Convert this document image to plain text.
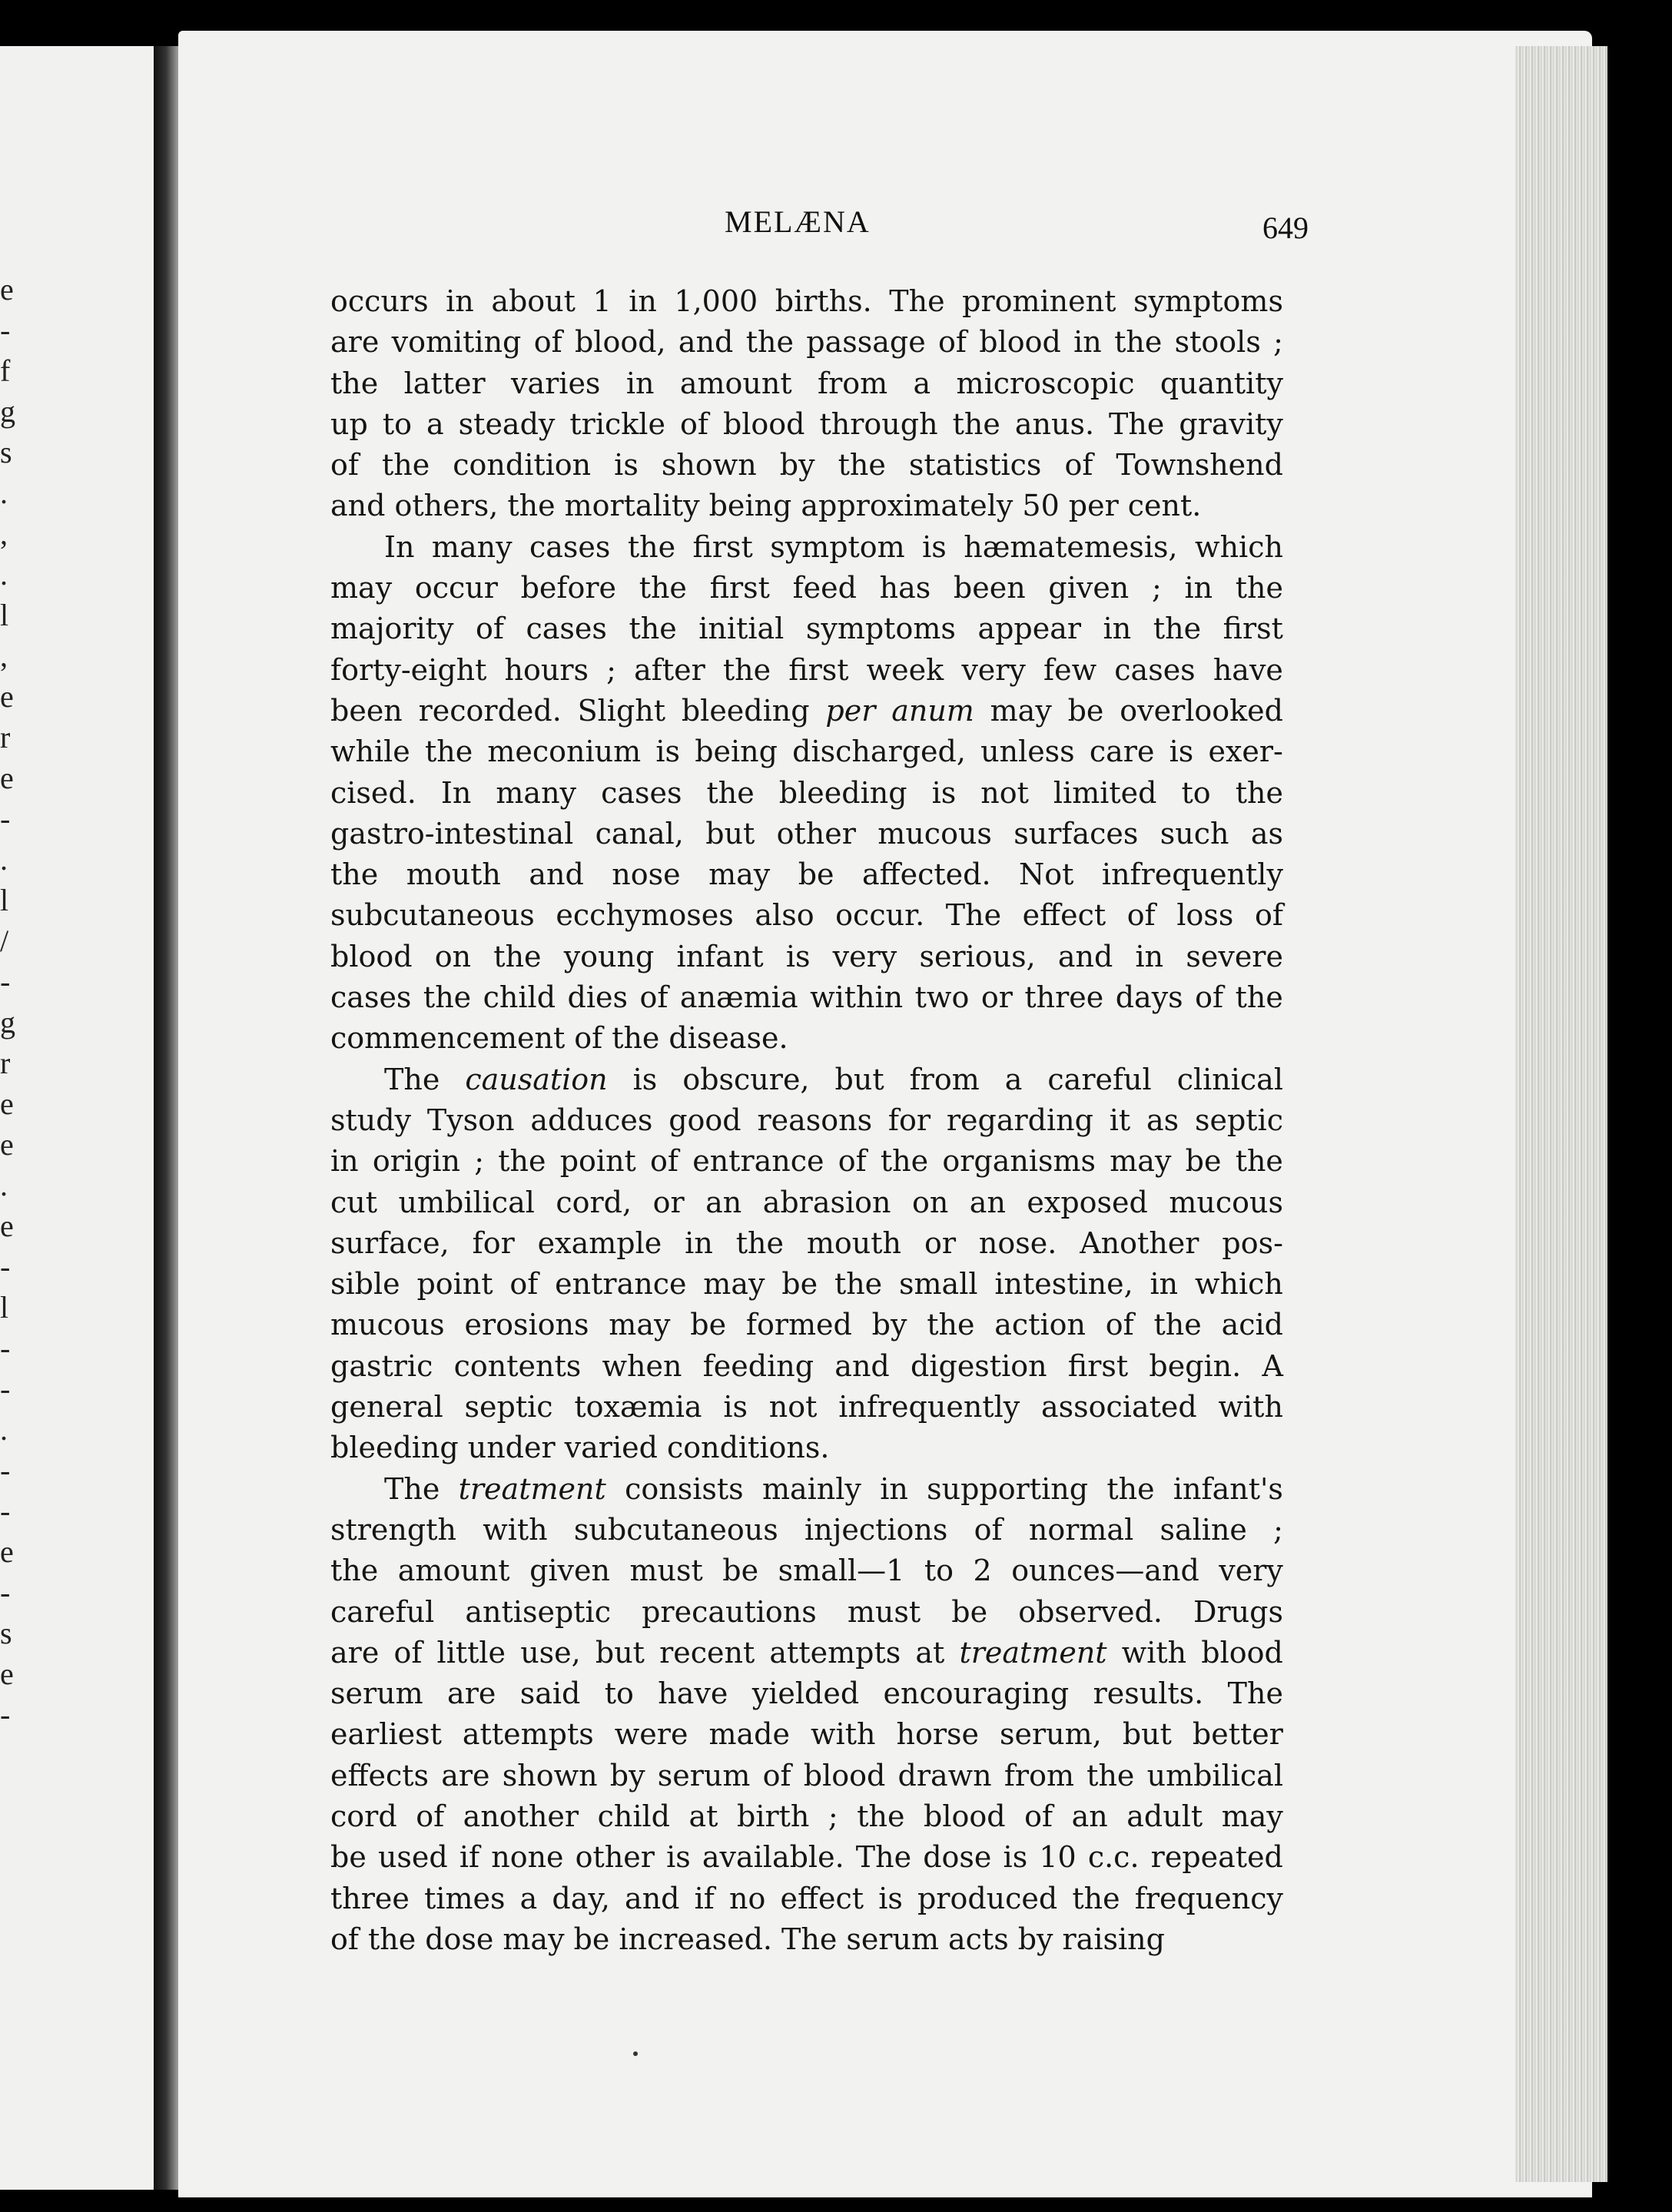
e
-
f
g
s
.
,
.
l
,
e
r
e
-
.
l
/
-
g
r
e
e
.
e
-
l
-
-
.
-
-
e
-
s
e
-
MELÆNA	649
occurs in about 1 in 1,000 births. The prominent symptoms
are vomiting of blood, and the passage of blood in the stools ;
the latter varies in amount from a microscopic quantity
up to a steady trickle of blood through the anus. The gravity
of the condition is shown by the statistics of Townshend
and others, the mortality being approximately 50 per cent.
In many cases the first symptom is hæmatemesis, which
may occur before the first feed has been given ; in the
majority of cases the initial symptoms appear in the first
forty-eight hours ; after the first week very few cases have
been recorded. Slight bleeding per anum may be overlooked
while the meconium is being discharged, unless care is exer-
cised. In many cases the bleeding is not limited to the
gastro-intestinal canal, but other mucous surfaces such as
the mouth and nose may be affected. Not infrequently
subcutaneous ecchymoses also occur. The effect of loss of
blood on the young infant is very serious, and in severe
cases the child dies of anæmia within two or three days of the
commencement of the disease.
The causation is obscure, but from a careful clinical
study Tyson adduces good reasons for regarding it as septic
in origin ; the point of entrance of the organisms may be the
cut umbilical cord, or an abrasion on an exposed mucous
surface, for example in the mouth or nose. Another pos-
sible point of entrance may be the small intestine, in which
mucous erosions may be formed by the action of the acid
gastric contents when feeding and digestion first begin. A
general septic toxæmia is not infrequently associated with
bleeding under varied conditions.
The treatment consists mainly in supporting the infant's
strength with subcutaneous injections of normal saline ;
the amount given must be small—1 to 2 ounces—and very
careful antiseptic precautions must be observed. Drugs
are of little use, but recent attempts at treatment with blood
serum are said to have yielded encouraging results. The
earliest attempts were made with horse serum, but better
effects are shown by serum of blood drawn from the umbilical
cord of another child at birth ; the blood of an adult may
be used if none other is available. The dose is 10 c.c. repeated
three times a day, and if no effect is produced the frequency
of the dose may be increased. The serum acts by raising
